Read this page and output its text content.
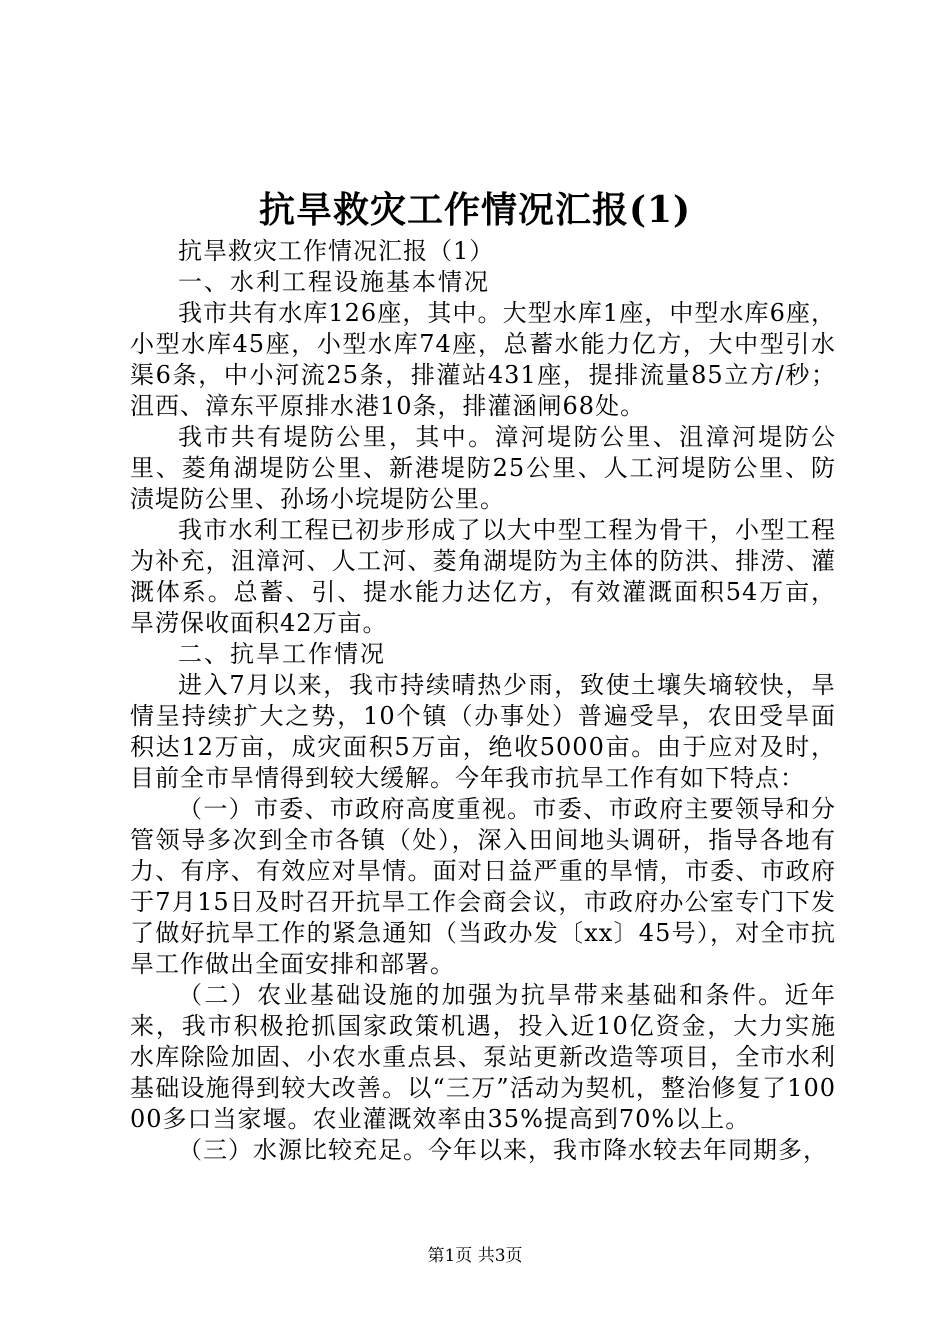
抗旱救灾工作情况汇报(1)

抗旱救灾工作情况汇报（1）

一、水利工程设施基本情况

我市共有水库126座，其中。大型水库1座，中型水库6座，小型水库45座，小型水库74座，总蓄水能力亿方，大中型引水渠6条，中小河流25条，排灌站431座，提排流量85立方/秒；沮西、漳东平原排水港10条，排灌涵闸68处。

我市共有堤防公里，其中。漳河堤防公里、沮漳河堤防公里、菱角湖堤防公里、新港堤防25公里、人工河堤防公里、防渍堤防公里、孙场小垸堤防公里。

我市水利工程已初步形成了以大中型工程为骨干，小型工程为补充，沮漳河、人工河、菱角湖堤防为主体的防洪、排涝、灌溉体系。总蓄、引、提水能力达亿方，有效灌溉面积54万亩，旱涝保收面积42万亩。

二、抗旱工作情况

进入7月以来，我市持续晴热少雨，致使土壤失墒较快，旱情呈持续扩大之势，10个镇（办事处）普遍受旱，农田受旱面积达12万亩，成灾面积5万亩，绝收5000亩。由于应对及时，目前全市旱情得到较大缓解。今年我市抗旱工作有如下特点：

（一）市委、市政府高度重视。市委、市政府主要领导和分管领导多次到全市各镇（处），深入田间地头调研，指导各地有力、有序、有效应对旱情。面对日益严重的旱情，市委、市政府于7月15日及时召开抗旱工作会商会议，市政府办公室专门下发了做好抗旱工作的紧急通知（当政办发〔xx〕45号），对全市抗旱工作做出全面安排和部署。

（二）农业基础设施的加强为抗旱带来基础和条件。近年来，我市积极抢抓国家政策机遇，投入近10亿资金，大力实施水库除险加固、小农水重点县、泵站更新改造等项目，全市水利基础设施得到较大改善。以“三万”活动为契机，整治修复了10000多口当家堰。农业灌溉效率由35%提高到70%以上。

（三）水源比较充足。今年以来，我市降水较去年同期多，

第1页 共3页
